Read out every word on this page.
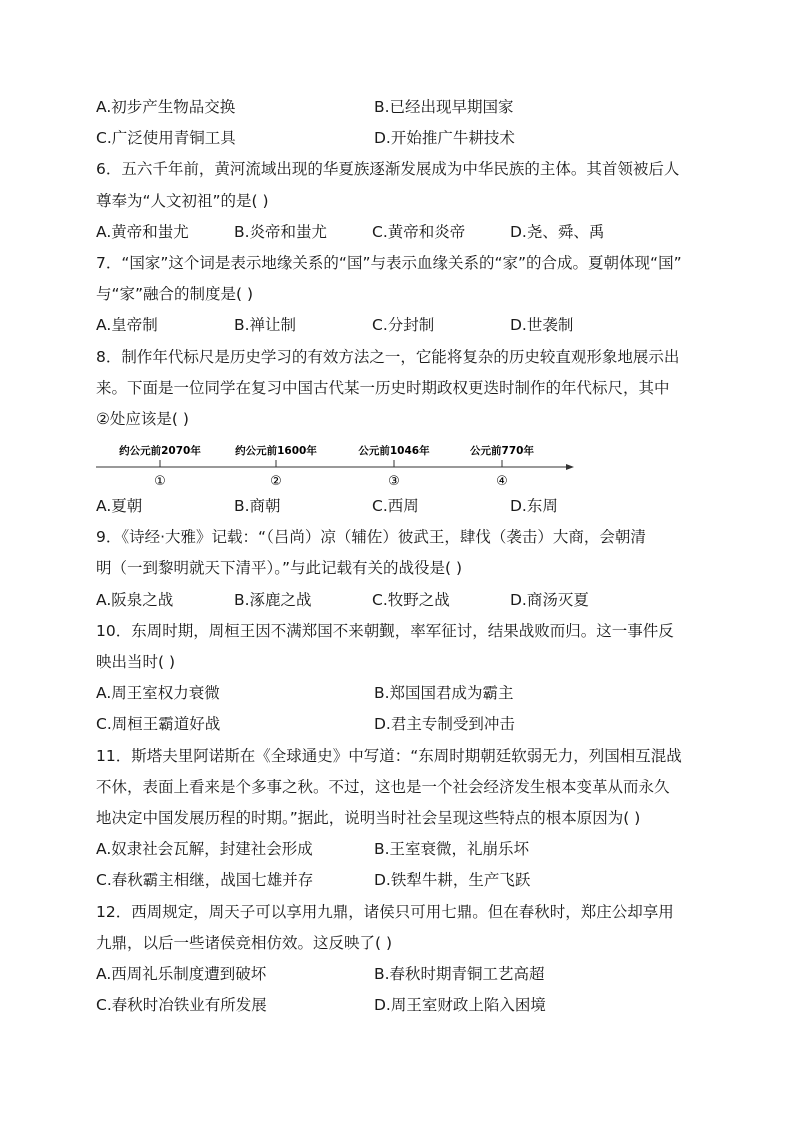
A.初步产生物品交换	B.已经出现早期国家
C.广泛使用青铜工具	D.开始推广牛耕技术
6．五六千年前，黄河流域出现的华夏族逐渐发展成为中华民族的主体。其首领被后人
尊奉为“人文初祖”的是( )
A.黄帝和蚩尤	B.炎帝和蚩尤	C.黄帝和炎帝	D.尧、舜、禹
7．“国家”这个词是表示地缘关系的“国”与表示血缘关系的“家”的合成。夏朝体现“国”
与“家”融合的制度是( )
A.皇帝制	B.禅让制	C.分封制	D.世袭制
8．制作年代标尺是历史学习的有效方法之一，它能将复杂的历史较直观形象地展示出
来。下面是一位同学在复习中国古代某一历史时期政权更迭时制作的年代标尺，其中
②处应该是( )
约公元前2070年	约公元前1600年	公元前1046年	公元前770年
①	②	③	④
A.夏朝	B.商朝	C.西周	D.东周
9．《诗经·大雅》记载：“（吕尚）凉（辅佐）彼武王，肆伐（袭击）大商，会朝清
明（一到黎明就天下清平）。”与此记载有关的战役是( )
A.阪泉之战	B.涿鹿之战	C.牧野之战	D.商汤灭夏
10．东周时期，周桓王因不满郑国不来朝觐，率军征讨，结果战败而归。这一事件反
映出当时( )
A.周王室权力衰微	B.郑国国君成为霸主
C.周桓王霸道好战	D.君主专制受到冲击
11．斯塔夫里阿诺斯在《全球通史》中写道：“东周时期朝廷软弱无力，列国相互混战
不休，表面上看来是个多事之秋。不过，这也是一个社会经济发生根本变革从而永久
地决定中国发展历程的时期。”据此，说明当时社会呈现这些特点的根本原因为( )
A.奴隶社会瓦解，封建社会形成	B.王室衰微，礼崩乐坏
C.春秋霸主相继，战国七雄并存	D.铁犁牛耕，生产飞跃
12．西周规定，周天子可以享用九鼎，诸侯只可用七鼎。但在春秋时，郑庄公却享用
九鼎，以后一些诸侯竞相仿效。这反映了( )
A.西周礼乐制度遭到破坏	B.春秋时期青铜工艺高超
C.春秋时冶铁业有所发展	D.周王室财政上陷入困境
